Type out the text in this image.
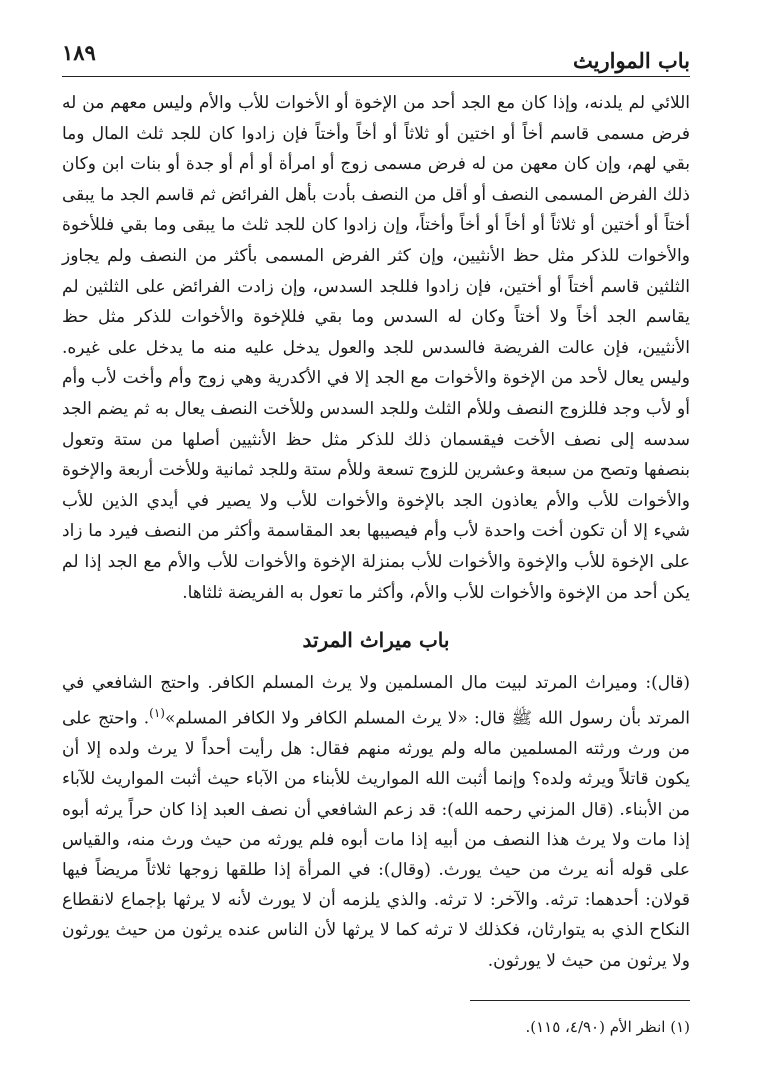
باب المواريث
١٨٩

اللائي لم يلدنه، وإذا كان مع الجد أحد من الإخوة أو الأخوات للأب والأم وليس معهم من له فرض مسمى قاسم أخاً أو اختين أو ثلاثاً أو أخاً وأختاً فإن زادوا كان للجد ثلث المال وما بقي لهم، وإن كان معهن من له فرض مسمى زوج أو امرأة أو أم أو جدة أو بنات ابن وكان ذلك الفرض المسمى النصف أو أقل من النصف بأدت بأهل الفرائض ثم قاسم الجد ما يبقى أختاً أو أختين أو ثلاثاً أو أخاً أو أخاً وأختاً، وإن زادوا كان للجد ثلث ما يبقى وما بقي فللأخوة والأخوات للذكر مثل حظ الأنثيين، وإن كثر الفرض المسمى بأكثر من النصف ولم يجاوز الثلثين قاسم أختاً أو أختين، فإن زادوا فللجد السدس، وإن زادت الفرائض على الثلثين لم يقاسم الجد أخاً ولا أختاً وكان له السدس وما بقي فللإخوة والأخوات للذكر مثل حظ الأنثيين، فإن عالت الفريضة فالسدس للجد والعول يدخل عليه منه ما يدخل على غيره. وليس يعال لأحد من الإخوة والأخوات مع الجد إلا في الأكدرية وهي زوج وأم وأخت لأب وأم أو لأب وجد فللزوج النصف وللأم الثلث وللجد السدس وللأخت النصف يعال به ثم يضم الجد سدسه إلى نصف الأخت فيقسمان ذلك للذكر مثل حظ الأنثيين أصلها من ستة وتعول بنصفها وتصح من سبعة وعشرين للزوج تسعة وللأم ستة وللجد ثمانية وللأخت أربعة والإخوة والأخوات للأب والأم يعاذون الجد بالإخوة والأخوات للأب ولا يصير في أيدي الذين للأب شيء إلا أن تكون أخت واحدة لأب وأم فيصيبها بعد المقاسمة وأكثر من النصف فيرد ما زاد على الإخوة للأب والإخوة والأخوات للأب بمنزلة الإخوة والأخوات للأب والأم مع الجد إذا لم يكن أحد من الإخوة والأخوات للأب والأم، وأكثر ما تعول به الفريضة ثلثاها.

باب ميراث المرتد

(قال): وميراث المرتد لبيت مال المسلمين ولا يرث المسلم الكافر. واحتج الشافعي في المرتد بأن رسول الله ﷺ قال: «لا يرث المسلم الكافر ولا الكافر المسلم»$^{(١)}$. واحتج على من ورث ورثته المسلمين ماله ولم يورثه منهم فقال: هل رأيت أحداً لا يرث ولده إلا أن يكون قاتلاً ويرثه ولده؟ وإنما أثبت الله المواريث للأبناء من الآباء حيث أثبت المواريث للآباء من الأبناء. (قال المزني رحمه الله): قد زعم الشافعي أن نصف العبد إذا كان حراً يرثه أبوه إذا مات ولا يرث هذا النصف من أبيه إذا مات أبوه فلم يورثه من حيث ورث منه، والقياس على قوله أنه يرث من حيث يورث. (وقال): في المرأة إذا طلقها زوجها ثلاثاً مريضاً فيها قولان: أحدهما: ترثه. والآخر: لا ترثه. والذي يلزمه أن لا يورث لأنه لا يرثها بإجماع لانقطاع النكاح الذي به يتوارثان، فكذلك لا ترثه كما لا يرثها لأن الناس عنده يرثون من حيث يورثون ولا يرثون من حيث لا يورثون.

(١) انظر الأم (٤/٩٠، ١١٥).
